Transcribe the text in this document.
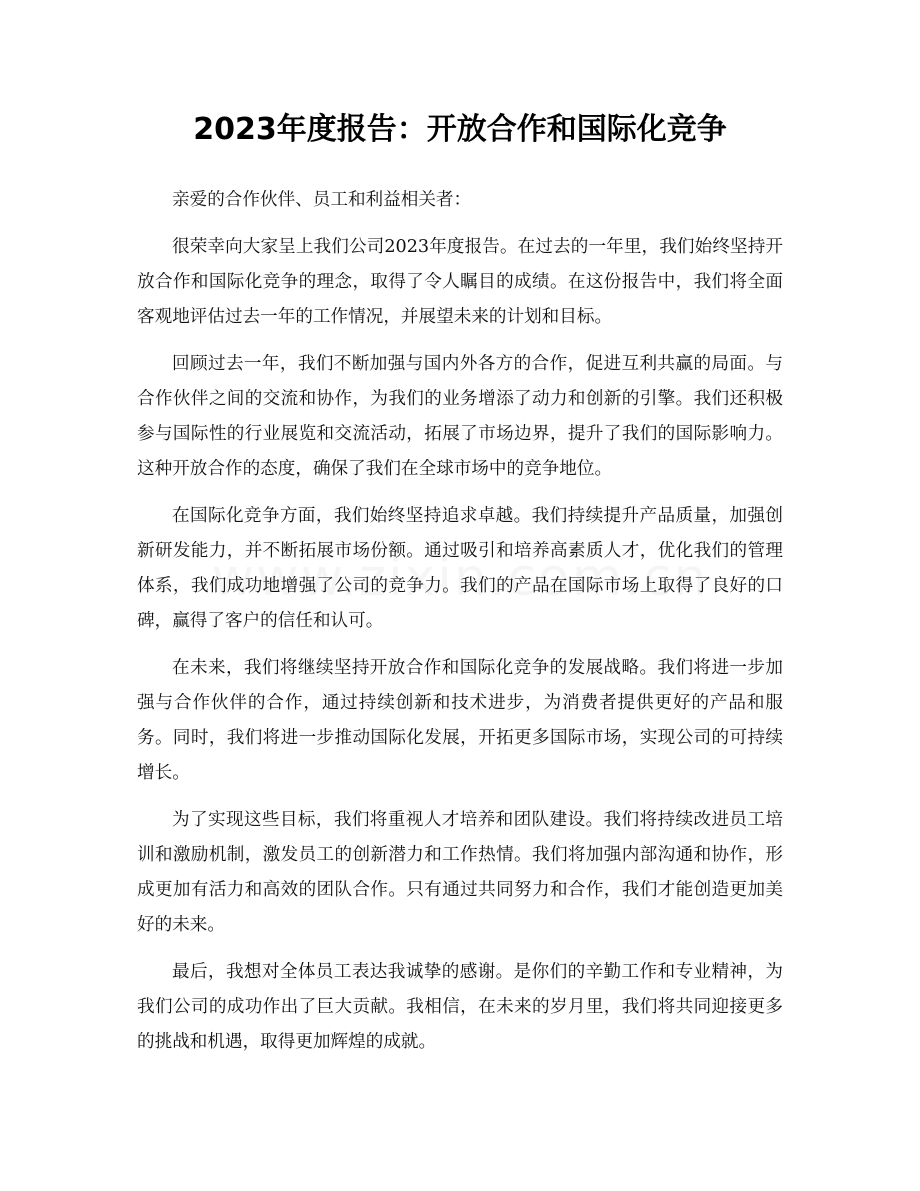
2023年度报告：开放合作和国际化竞争

亲爱的合作伙伴、员工和利益相关者：

很荣幸向大家呈上我们公司2023年度报告。在过去的一年里，我们始终坚持开放合作和国际化竞争的理念，取得了令人瞩目的成绩。在这份报告中，我们将全面客观地评估过去一年的工作情况，并展望未来的计划和目标。

回顾过去一年，我们不断加强与国内外各方的合作，促进互利共赢的局面。与合作伙伴之间的交流和协作，为我们的业务增添了动力和创新的引擎。我们还积极参与国际性的行业展览和交流活动，拓展了市场边界，提升了我们的国际影响力。这种开放合作的态度，确保了我们在全球市场中的竞争地位。

在国际化竞争方面，我们始终坚持追求卓越。我们持续提升产品质量，加强创新研发能力，并不断拓展市场份额。通过吸引和培养高素质人才，优化我们的管理体系，我们成功地增强了公司的竞争力。我们的产品在国际市场上取得了良好的口碑，赢得了客户的信任和认可。

在未来，我们将继续坚持开放合作和国际化竞争的发展战略。我们将进一步加强与合作伙伴的合作，通过持续创新和技术进步，为消费者提供更好的产品和服务。同时，我们将进一步推动国际化发展，开拓更多国际市场，实现公司的可持续增长。

为了实现这些目标，我们将重视人才培养和团队建设。我们将持续改进员工培训和激励机制，激发员工的创新潜力和工作热情。我们将加强内部沟通和协作，形成更加有活力和高效的团队合作。只有通过共同努力和合作，我们才能创造更加美好的未来。

最后，我想对全体员工表达我诚挚的感谢。是你们的辛勤工作和专业精神，为我们公司的成功作出了巨大贡献。我相信，在未来的岁月里，我们将共同迎接更多的挑战和机遇，取得更加辉煌的成就。
